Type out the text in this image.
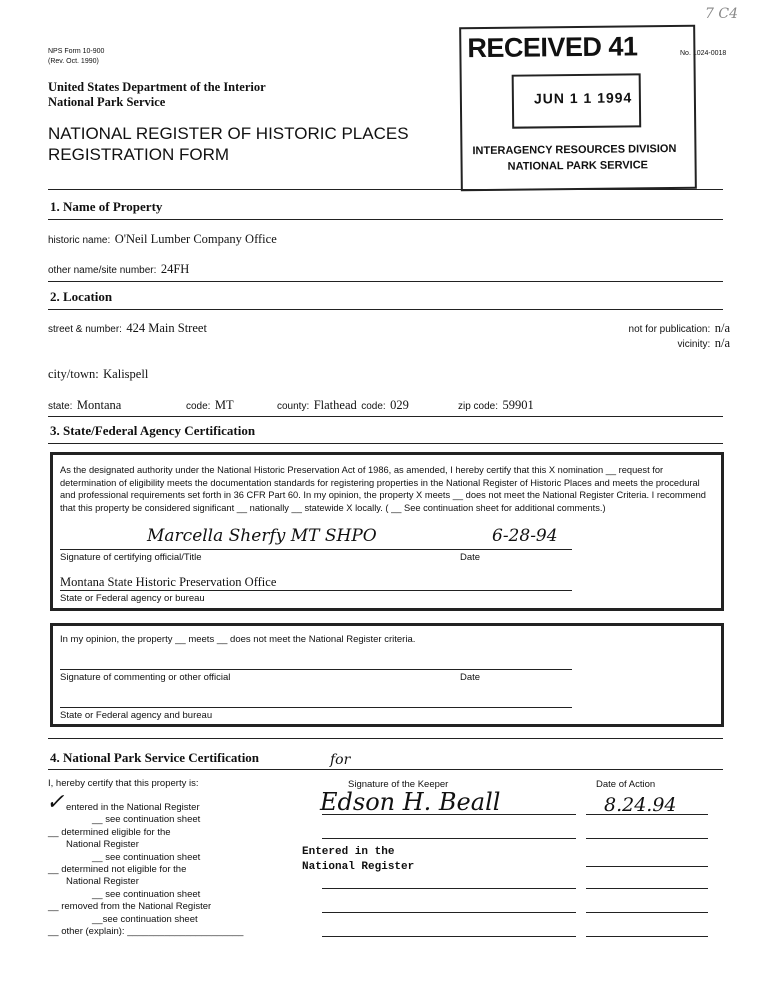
NPS Form 10-900
(Rev. Oct. 1990)
United States Department of the Interior
National Park Service
NATIONAL REGISTER OF HISTORIC PLACES
REGISTRATION FORM
No. 1024-0018
7 C4
RECEIVED 41
JUN 1 1 1994
INTERAGENCY RESOURCES DIVISION
NATIONAL PARK SERVICE
1. Name of Property
historic name: O'Neil Lumber Company Office
other name/site number: 24FH
2. Location
street & number: 424 Main Street	not for publication: n/a
vicinity: n/a
city/town: Kalispell
state: Montana	code: MT	county: Flathead code: 029	zip code: 59901
3. State/Federal Agency Certification
As the designated authority under the National Historic Preservation Act of 1986, as amended, I hereby certify that this X nomination __ request for determination of eligibility meets the documentation standards for registering properties in the National Register of Historic Places and meets the procedural and professional requirements set forth in 36 CFR Part 60. In my opinion, the property X meets __ does not meet the National Register Criteria. I recommend that this property be considered significant __ nationally __ statewide X locally. ( __ See continuation sheet for additional comments.)
Marcella Sherfy MT SHPO	6-28-94
Signature of certifying official/Title	Date
Montana State Historic Preservation Office
State or Federal agency or bureau
In my opinion, the property __ meets __ does not meet the National Register criteria.
Signature of commenting or other official	Date
State or Federal agency and bureau
4. National Park Service Certification
I, hereby certify that this property is:
✓ entered in the National Register
__ see continuation sheet
__ determined eligible for the
National Register
__ see continuation sheet
__ determined not eligible for the
National Register
__ see continuation sheet
__ removed from the National Register
__see continuation sheet
__ other (explain): ______________________
for
Signature of the Keeper
Edson H. Beall
Date of Action
8.24.94
Entered in the
National Register
